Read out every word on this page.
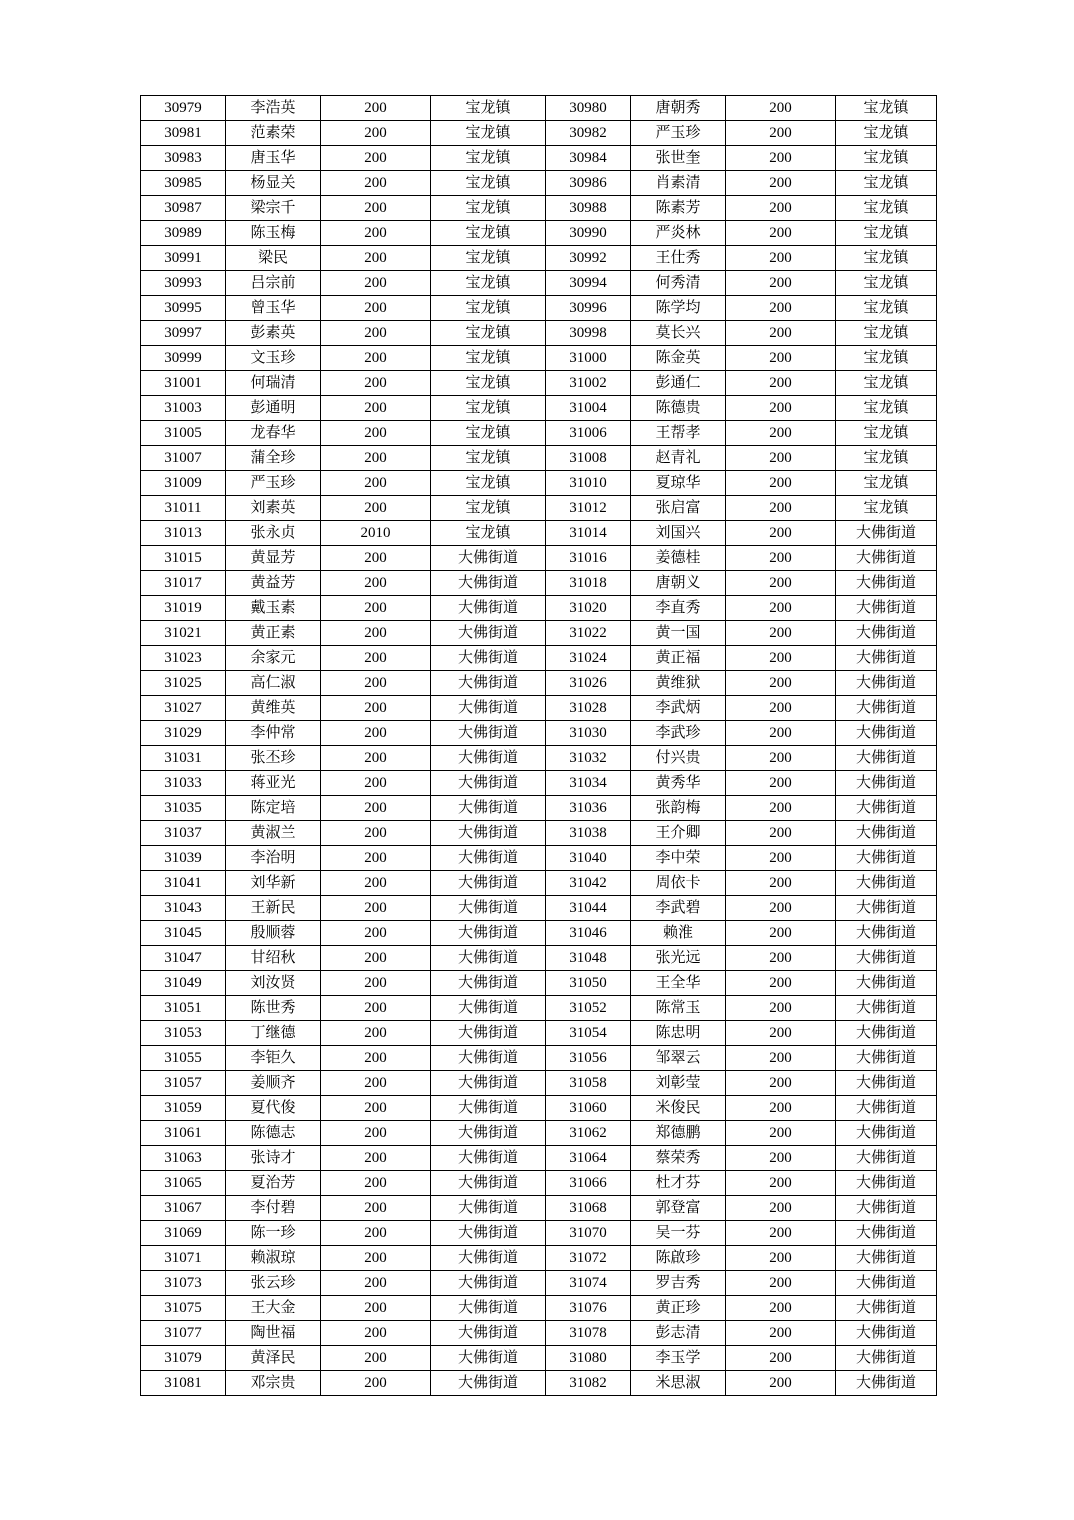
30979	李浩英	200	宝龙镇	30980	唐朝秀	200	宝龙镇
30981	范素荣	200	宝龙镇	30982	严玉珍	200	宝龙镇
30983	唐玉华	200	宝龙镇	30984	张世奎	200	宝龙镇
30985	杨显关	200	宝龙镇	30986	肖素清	200	宝龙镇
30987	梁宗千	200	宝龙镇	30988	陈素芳	200	宝龙镇
30989	陈玉梅	200	宝龙镇	30990	严炎林	200	宝龙镇
30991	梁民	200	宝龙镇	30992	王仕秀	200	宝龙镇
30993	吕宗前	200	宝龙镇	30994	何秀清	200	宝龙镇
30995	曾玉华	200	宝龙镇	30996	陈学均	200	宝龙镇
30997	彭素英	200	宝龙镇	30998	莫长兴	200	宝龙镇
30999	文玉珍	200	宝龙镇	31000	陈金英	200	宝龙镇
31001	何瑞清	200	宝龙镇	31002	彭通仁	200	宝龙镇
31003	彭通明	200	宝龙镇	31004	陈德贵	200	宝龙镇
31005	龙春华	200	宝龙镇	31006	王帮孝	200	宝龙镇
31007	蒲全珍	200	宝龙镇	31008	赵青礼	200	宝龙镇
31009	严玉珍	200	宝龙镇	31010	夏琼华	200	宝龙镇
31011	刘素英	200	宝龙镇	31012	张启富	200	宝龙镇
31013	张永贞	2010	宝龙镇	31014	刘国兴	200	大佛街道
31015	黄显芳	200	大佛街道	31016	姜德桂	200	大佛街道
31017	黄益芳	200	大佛街道	31018	唐朝义	200	大佛街道
31019	戴玉素	200	大佛街道	31020	李直秀	200	大佛街道
31021	黄正素	200	大佛街道	31022	黄一国	200	大佛街道
31023	余家元	200	大佛街道	31024	黄正福	200	大佛街道
31025	高仁淑	200	大佛街道	31026	黄维狱	200	大佛街道
31027	黄维英	200	大佛街道	31028	李武炳	200	大佛街道
31029	李仲常	200	大佛街道	31030	李武珍	200	大佛街道
31031	张丕珍	200	大佛街道	31032	付兴贵	200	大佛街道
31033	蒋亚光	200	大佛街道	31034	黄秀华	200	大佛街道
31035	陈定培	200	大佛街道	31036	张韵梅	200	大佛街道
31037	黄淑兰	200	大佛街道	31038	王介卿	200	大佛街道
31039	李治明	200	大佛街道	31040	李中荣	200	大佛街道
31041	刘华新	200	大佛街道	31042	周依卡	200	大佛街道
31043	王新民	200	大佛街道	31044	李武碧	200	大佛街道
31045	殷顺蓉	200	大佛街道	31046	赖淮	200	大佛街道
31047	甘绍秋	200	大佛街道	31048	张光远	200	大佛街道
31049	刘汝贤	200	大佛街道	31050	王全华	200	大佛街道
31051	陈世秀	200	大佛街道	31052	陈常玉	200	大佛街道
31053	丁继德	200	大佛街道	31054	陈忠明	200	大佛街道
31055	李钜久	200	大佛街道	31056	邹翠云	200	大佛街道
31057	姜顺齐	200	大佛街道	31058	刘彰莹	200	大佛街道
31059	夏代俊	200	大佛街道	31060	米俊民	200	大佛街道
31061	陈德志	200	大佛街道	31062	郑德鹏	200	大佛街道
31063	张诗才	200	大佛街道	31064	蔡荣秀	200	大佛街道
31065	夏治芳	200	大佛街道	31066	杜才芬	200	大佛街道
31067	李付碧	200	大佛街道	31068	郭登富	200	大佛街道
31069	陈一珍	200	大佛街道	31070	吴一芬	200	大佛街道
31071	赖淑琼	200	大佛街道	31072	陈啟珍	200	大佛街道
31073	张云珍	200	大佛街道	31074	罗吉秀	200	大佛街道
31075	王大金	200	大佛街道	31076	黄正珍	200	大佛街道
31077	陶世福	200	大佛街道	31078	彭志清	200	大佛街道
31079	黄泽民	200	大佛街道	31080	李玉学	200	大佛街道
31081	邓宗贵	200	大佛街道	31082	米思淑	200	大佛街道
